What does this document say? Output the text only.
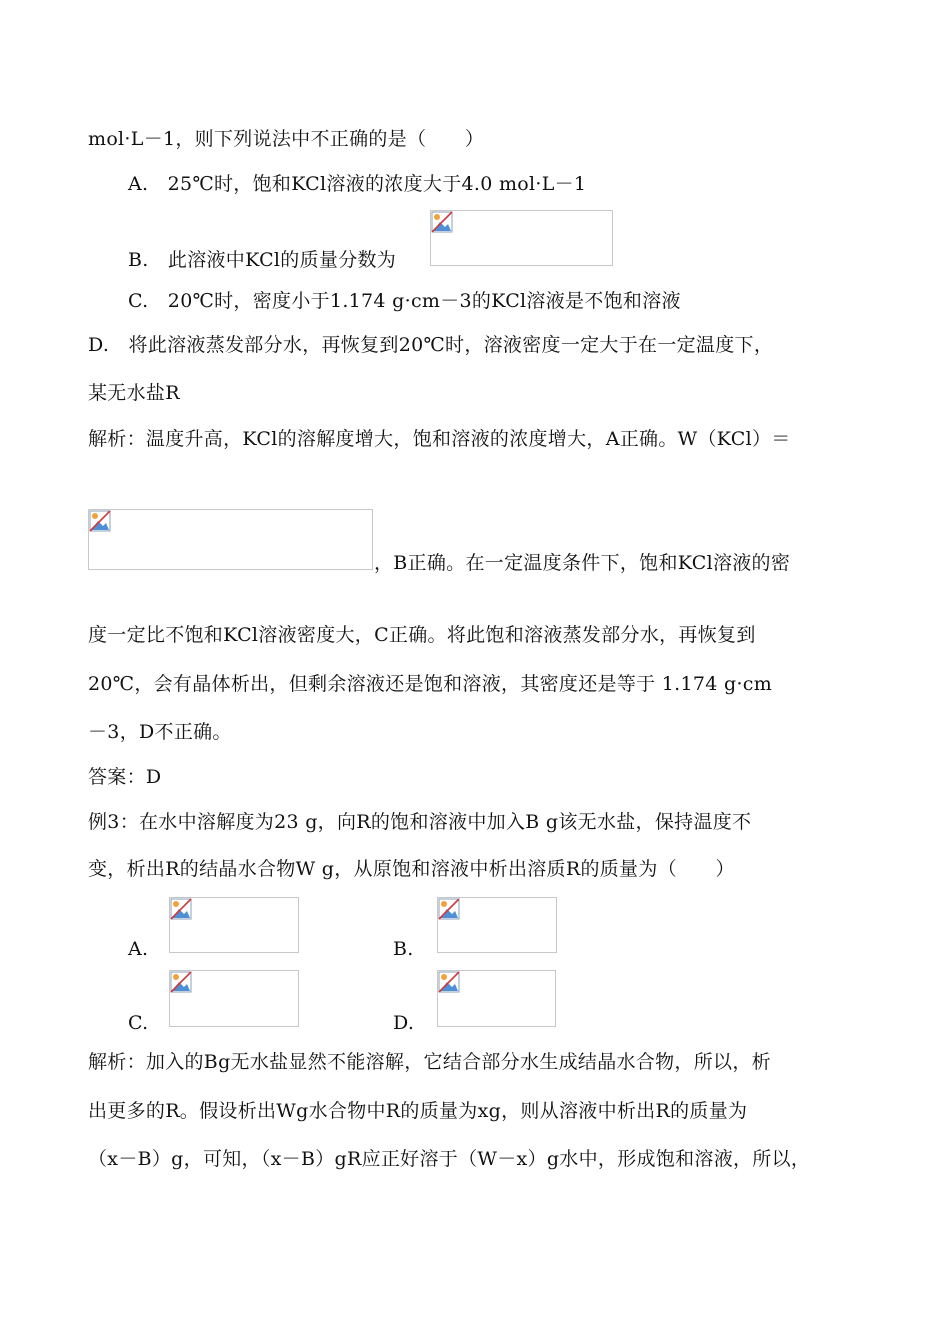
mol·L－1，则下列说法中不正确的是（　　）
A.　25℃时，饱和KCl溶液的浓度大于4.0 mol·L－1
B.　此溶液中KCl的质量分数为
C.　20℃时，密度小于1.174 g·cm－3的KCl溶液是不饱和溶液
D.　将此溶液蒸发部分水，再恢复到20℃时，溶液密度一定大于在一定温度下，
某无水盐R
解析：温度升高，KCl的溶解度增大，饱和溶液的浓度增大，A正确。W（KCl）＝
，B正确。在一定温度条件下，饱和KCl溶液的密
度一定比不饱和KCl溶液密度大，C正确。将此饱和溶液蒸发部分水，再恢复到
20℃，会有晶体析出，但剩余溶液还是饱和溶液，其密度还是等于 1.174 g·cm
－3，D不正确。
答案：D
例3：在水中溶解度为23 g，向R的饱和溶液中加入B g该无水盐，保持温度不
变，析出R的结晶水合物W g，从原饱和溶液中析出溶质R的质量为（　　）
A.	B.
C.	D.
解析：加入的Bg无水盐显然不能溶解，它结合部分水生成结晶水合物，所以，析
出更多的R。假设析出Wg水合物中R的质量为xg，则从溶液中析出R的质量为
（x－B）g，可知，（x－B）gR应正好溶于（W－x）g水中，形成饱和溶液，所以，
